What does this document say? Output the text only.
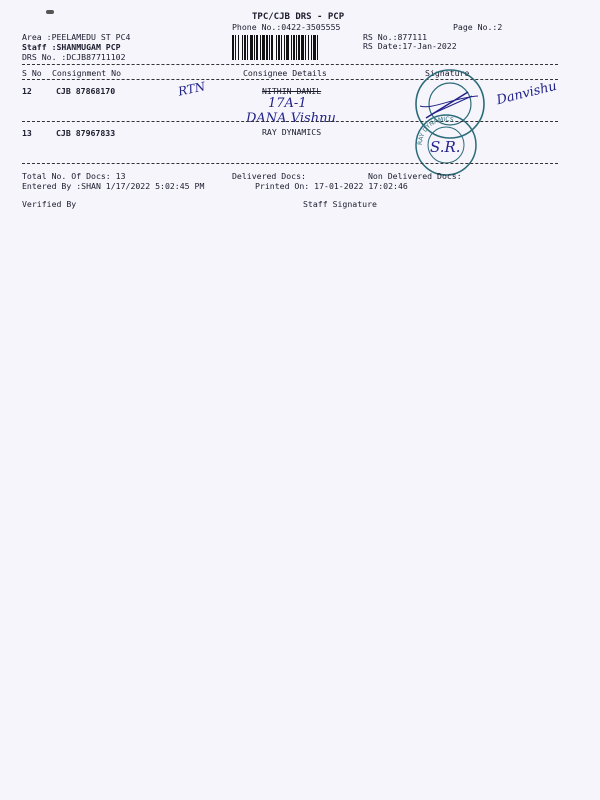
TPC/CJB DRS - PCP
Phone No.:0422-3505555	Page No.:2
Area :PEELAMEDU ST PC4
Staff :SHANMUGAM PCP
DRS No. :DCJB87711102
RS No.:877111
RS Date:17-Jan-2022
S No Consignment No	Consignee Details	Signature
12	CJB 87868170	NITHIN DANIL
RTN
17A-1
DANA Vishnu
Danvishu
13	CJB 87967833	RAY DYNAMICS
RAY DYNAMICS
S.R.
Total No. Of Docs: 13	Delivered Docs:	Non Delivered Docs:
Entered By :SHAN 1/17/2022 5:02:45 PM	Printed On: 17-01-2022 17:02:46
Verified By	Staff Signature
